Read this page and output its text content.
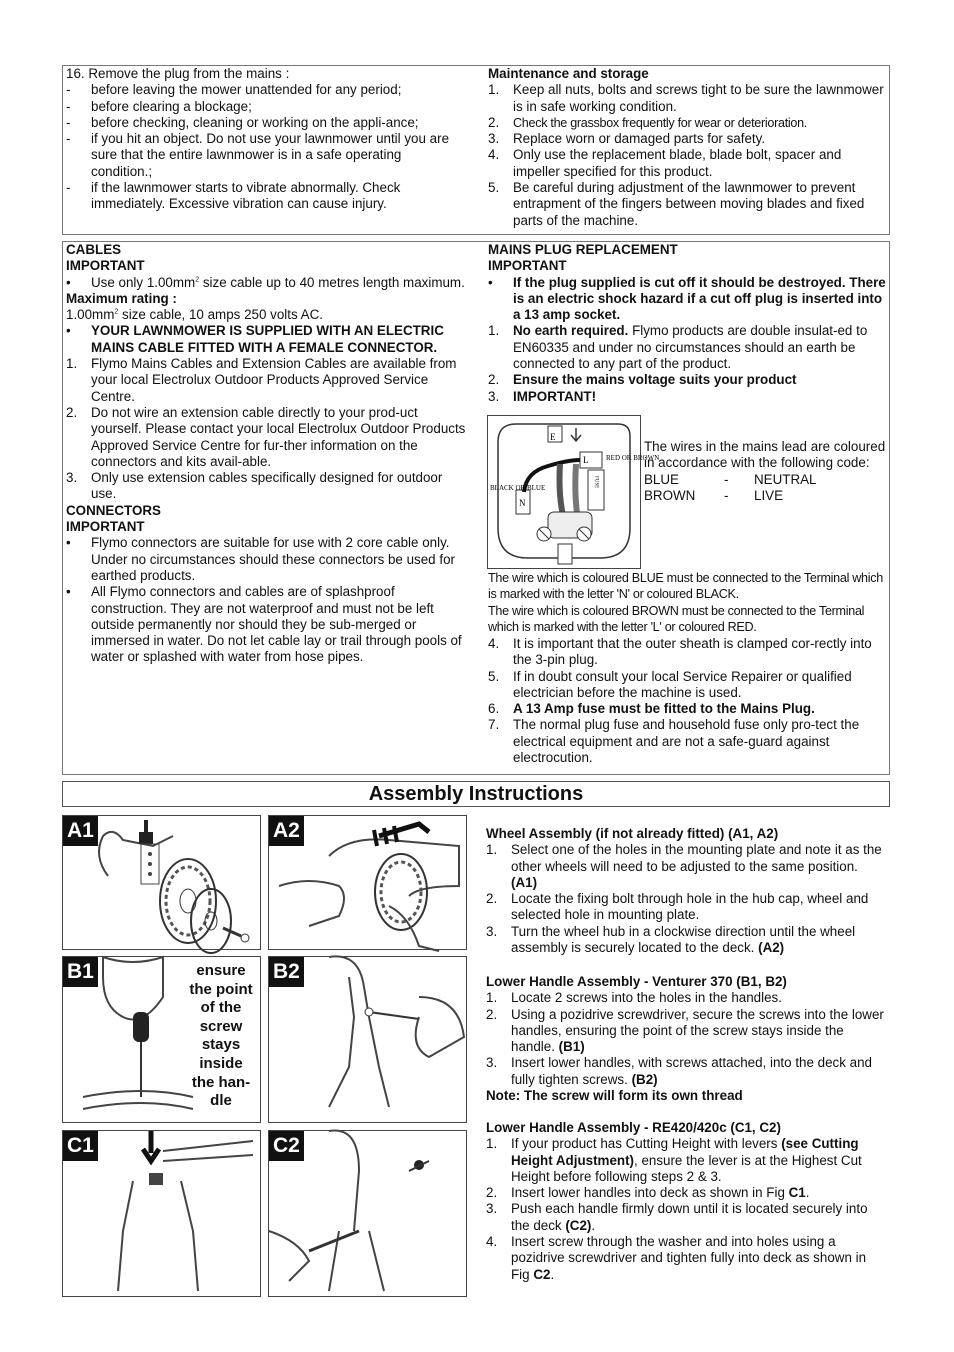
16. Remove the plug from the mains :
-	before leaving the mower unattended for any period;
-	before clearing a blockage;
-	before checking, cleaning or working on the appli-ance;
-	if you hit an object. Do not use your lawnmower until you are sure that the entire lawnmower is in a safe operating condition.;
-	if the lawnmower starts to vibrate abnormally. Check immediately. Excessive vibration can cause injury.
Maintenance and storage
1.	Keep all nuts, bolts and screws tight to be sure the lawnmower is in safe working condition.
2.	Check the grassbox frequently for wear or deterioration.
3.	Replace worn or damaged parts for safety.
4.	Only use the replacement blade, blade bolt, spacer and impeller specified for this product.
5.	Be careful during adjustment of the lawnmower to prevent entrapment of the fingers between moving blades and fixed parts of the machine.
CABLES
IMPORTANT
•	Use only $1.00mm^2$ size cable up to 40 metres length maximum.
Maximum rating :
$1.00mm^2$ size cable, 10 amps 250 volts AC.
•	YOUR LAWNMOWER IS SUPPLIED WITH AN ELECTRIC MAINS CABLE FITTED WITH A FEMALE CONNECTOR.
1.	Flymo Mains Cables and Extension Cables are available from your local Electrolux Outdoor Products Approved Service Centre.
2.	Do not wire an extension cable directly to your prod-uct yourself. Please contact your local Electrolux Outdoor Products Approved Service Centre for fur-ther information on the connectors and kits avail-able.
3.	Only use extension cables specifically designed for outdoor use.
CONNECTORS
IMPORTANT
•	Flymo connectors are suitable for use with 2 core cable only. Under no circumstances should these connectors be used for earthed products.
•	All Flymo connectors and cables are of splashproof construction. They are not waterproof and must not be left outside permanently nor should they be sub-merged or immersed in water. Do not let cable lay or trail through pools of water or splashed with water from hose pipes.
MAINS PLUG REPLACEMENT
IMPORTANT
•	If the plug supplied is cut off it should be destroyed. There is an electric shock hazard if a cut off plug is inserted into a 13 amp socket.
1.	No earth required. Flymo products are double insulat-ed to EN60335 and under no circumstances should an earth be connected to any part of the product.
2.	Ensure the mains voltage suits your product
3.	IMPORTANT!
E
L
N
FUSE
RED OR BROWN
BLACK OR BLUE
The wires in the mains lead are coloured in accordance with the following code:
BLUE	- NEUTRAL
BROWN - LIVE
The wire which is coloured BLUE must be connected to the Terminal which is marked with the letter 'N' or coloured BLACK.
The wire which is coloured BROWN must be connected to the Terminal which is marked with the letter 'L' or coloured RED.
4.	It is important that the outer sheath is clamped cor-rectly into the 3-pin plug.
5.	If in doubt consult your local Service Repairer or qualified electrician before the machine is used.
6.	A 13 Amp fuse must be fitted to the Mains Plug.
7.	The normal plug fuse and household fuse only pro-tect the electrical equipment and are not a safe-guard against electrocution.
Assembly Instructions
A1	A2
B1	ensure
the point
of the
screw
stays
inside
the han-
dle
B2
C1	C2
Wheel Assembly (if not already fitted) (A1, A2)
1.	Select one of the holes in the mounting plate and note it as the other wheels will need to be adjusted to the same position. (A1)
2.	Locate the fixing bolt through hole in the hub cap, wheel and selected hole in mounting plate.
3.	Turn the wheel hub in a clockwise direction until the wheel assembly is securely located to the deck. (A2)
Lower Handle Assembly - Venturer 370 (B1, B2)
1.	Locate 2 screws into the holes in the handles.
2.	Using a pozidrive screwdriver, secure the screws into the lower handles, ensuring the point of the screw stays inside the handle. (B1)
3.	Insert lower handles, with screws attached, into the deck and fully tighten screws. (B2)
Note: The screw will form its own thread
Lower Handle Assembly - RE420/420c (C1, C2)
1.	If your product has Cutting Height with levers (see Cutting Height Adjustment), ensure the lever is at the Highest Cut Height before following steps 2 & 3.
2.	Insert lower handles into deck as shown in Fig C1.
3.	Push each handle firmly down until it is located securely into the deck (C2).
4.	Insert screw through the washer and into holes using a pozidrive screwdriver and tighten fully into deck as shown in Fig C2.
